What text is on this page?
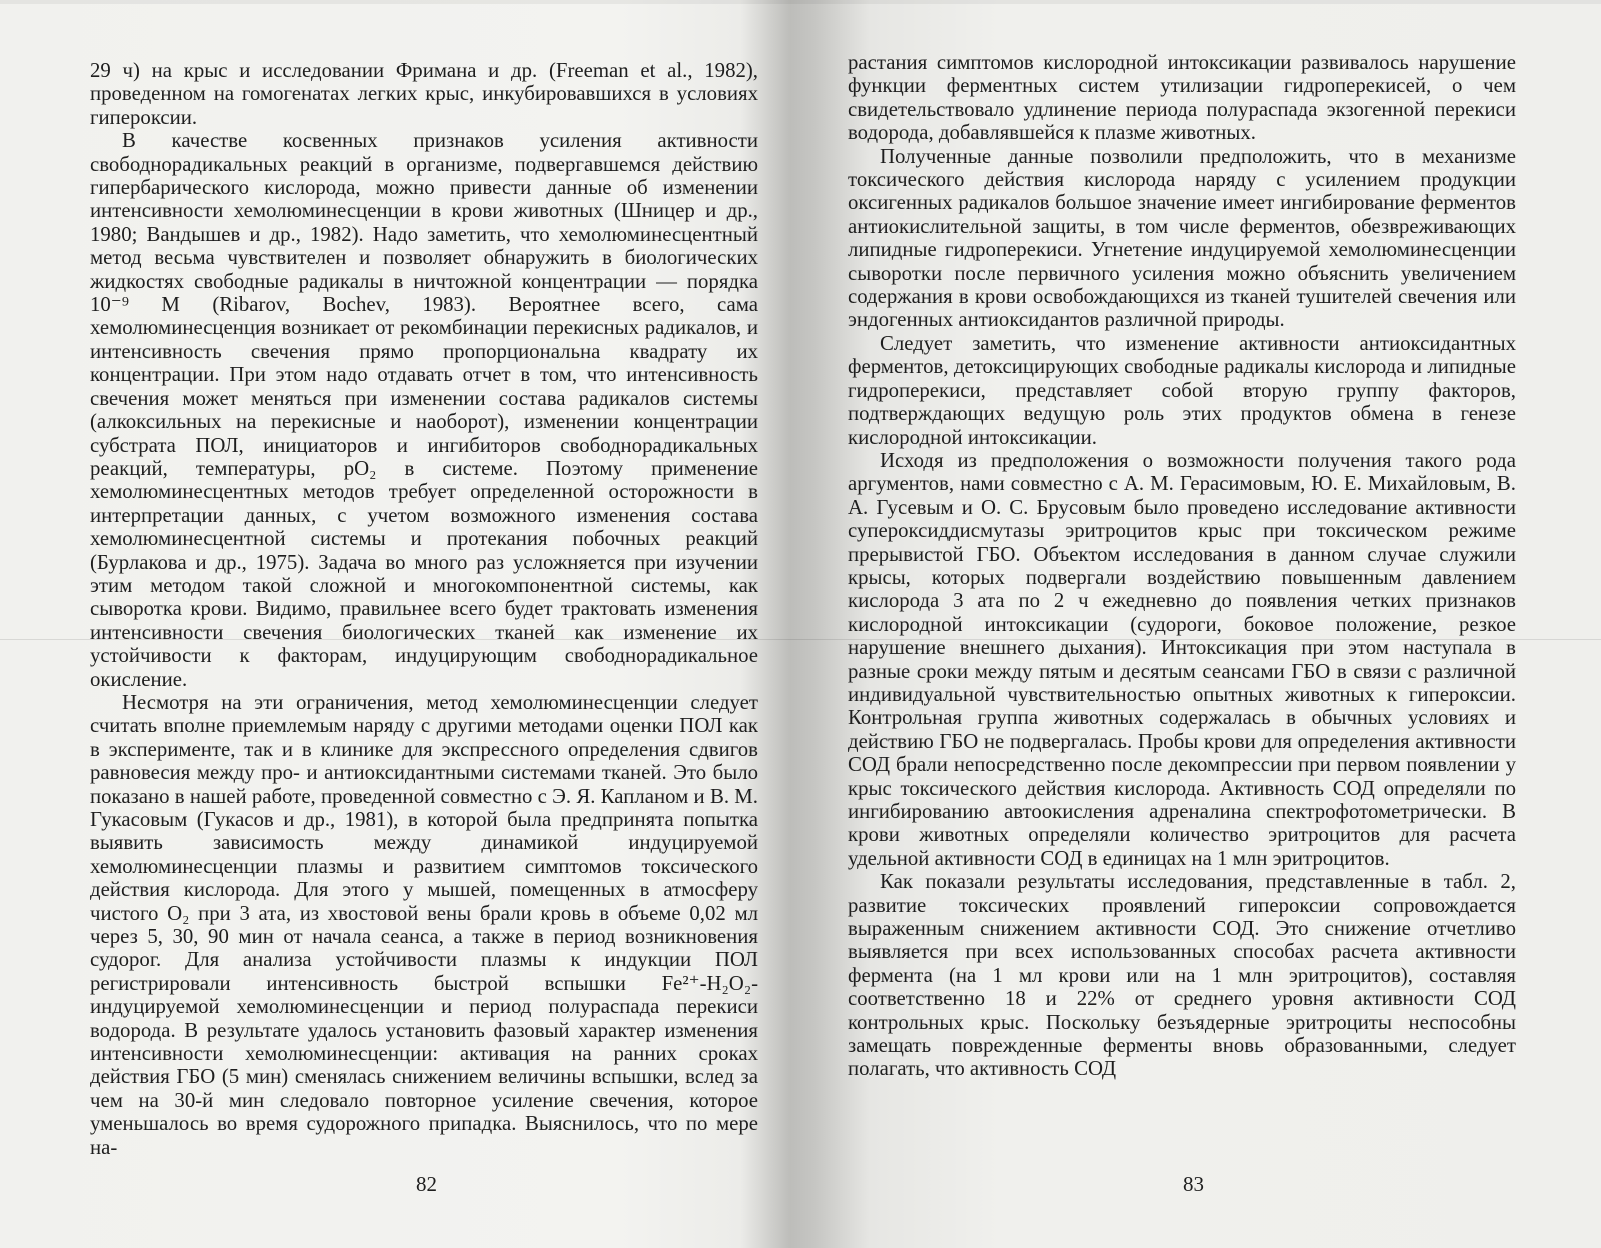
29 ч) на крыс и исследовании Фримана и др. (Freeman et al., 1982), проведенном на гомогенатах легких крыс, инкубировавшихся в условиях гипероксии.

В качестве косвенных признаков усиления активности свободнорадикальных реакций в организме, подвергавшемся действию гипербарического кислорода, можно привести данные об изменении интенсивности хемолюминесценции в крови животных (Шницер и др., 1980; Вандышев и др., 1982). Надо заметить, что хемолюминесцентный метод весьма чувствителен и позволяет обнаружить в биологических жидкостях свободные радикалы в ничтожной концентрации — порядка 10⁻⁹ М (Ribarov, Bochev, 1983). Вероятнее всего, сама хемолюминесценция возникает от рекомбинации перекисных радикалов, и интенсивность свечения прямо пропорциональна квадрату их концентрации. При этом надо отдавать отчет в том, что интенсивность свечения может меняться при изменении состава радикалов системы (алкоксильных на перекисные и наоборот), изменении концентрации субстрата ПОЛ, инициаторов и ингибиторов свободнорадикальных реакций, температуры, pO₂ в системе. Поэтому применение хемолюминесцентных методов требует определенной осторожности в интерпретации данных, с учетом возможного изменения состава хемолюминесцентной системы и протекания побочных реакций (Бурлакова и др., 1975). Задача во много раз усложняется при изучении этим методом такой сложной и многокомпонентной системы, как сыворотка крови. Видимо, правильнее всего будет трактовать изменения интенсивности свечения биологических тканей как изменение их устойчивости к факторам, индуцирующим свободнорадикальное окисление.

Несмотря на эти ограничения, метод хемолюминесценции следует считать вполне приемлемым наряду с другими методами оценки ПОЛ как в эксперименте, так и в клинике для экспрессного определения сдвигов равновесия между про- и антиоксидантными системами тканей. Это было показано в нашей работе, проведенной совместно с Э. Я. Капланом и В. М. Гукасовым (Гукасов и др., 1981), в которой была предпринята попытка выявить зависимость между динамикой индуцируемой хемолюминесценции плазмы и развитием симптомов токсического действия кислорода. Для этого у мышей, помещенных в атмосферу чистого O₂ при 3 ата, из хвостовой вены брали кровь в объеме 0,02 мл через 5, 30, 90 мин от начала сеанса, а также в период возникновения судорог. Для анализа устойчивости плазмы к индукции ПОЛ регистрировали интенсивность быстрой вспышки Fe²⁺-H₂O₂-индуцируемой хемолюминесценции и период полураспада перекиси водорода. В результате удалось установить фазовый характер изменения интенсивности хемолюминесценции: активация на ранних сроках действия ГБО (5 мин) сменялась снижением величины вспышки, вслед за чем на 30-й мин следовало повторное усиление свечения, которое уменьшалось во время судорожного припадка. Выяснилось, что по мере на-

82

растания симптомов кислородной интоксикации развивалось нарушение функции ферментных систем утилизации гидроперекисей, о чем свидетельствовало удлинение периода полураспада экзогенной перекиси водорода, добавлявшейся к плазме животных.

Полученные данные позволили предположить, что в механизме токсического действия кислорода наряду с усилением продукции оксигенных радикалов большое значение имеет ингибирование ферментов антиокислительной защиты, в том числе ферментов, обезвреживающих липидные гидроперекиси. Угнетение индуцируемой хемолюминесценции сыворотки после первичного усиления можно объяснить увеличением содержания в крови освобождающихся из тканей тушителей свечения или эндогенных антиоксидантов различной природы.

Следует заметить, что изменение активности антиоксидантных ферментов, детоксицирующих свободные радикалы кислорода и липидные гидроперекиси, представляет собой вторую группу факторов, подтверждающих ведущую роль этих продуктов обмена в генезе кислородной интоксикации.

Исходя из предположения о возможности получения такого рода аргументов, нами совместно с А. М. Герасимовым, Ю. Е. Михайловым, В. А. Гусевым и О. С. Брусовым было проведено исследование активности супероксиддисмутазы эритроцитов крыс при токсическом режиме прерывистой ГБО. Объектом исследования в данном случае служили крысы, которых подвергали воздействию повышенным давлением кислорода 3 ата по 2 ч ежедневно до появления четких признаков кислородной интоксикации (судороги, боковое положение, резкое нарушение внешнего дыхания). Интоксикация при этом наступала в разные сроки между пятым и десятым сеансами ГБО в связи с различной индивидуальной чувствительностью опытных животных к гипероксии. Контрольная группа животных содержалась в обычных условиях и действию ГБО не подвергалась. Пробы крови для определения активности СОД брали непосредственно после декомпрессии при первом появлении у крыс токсического действия кислорода. Активность СОД определяли по ингибированию автоокисления адреналина спектрофотометрически. В крови животных определяли количество эритроцитов для расчета удельной активности СОД в единицах на 1 млн эритроцитов.

Как показали результаты исследования, представленные в табл. 2, развитие токсических проявлений гипероксии сопровождается выраженным снижением активности СОД. Это снижение отчетливо выявляется при всех использованных способах расчета активности фермента (на 1 мл крови или на 1 млн эритроцитов), составляя соответственно 18 и 22% от среднего уровня активности СОД контрольных крыс. Поскольку безъядерные эритроциты неспособны замещать поврежденные ферменты вновь образованными, следует полагать, что активность СОД

83
